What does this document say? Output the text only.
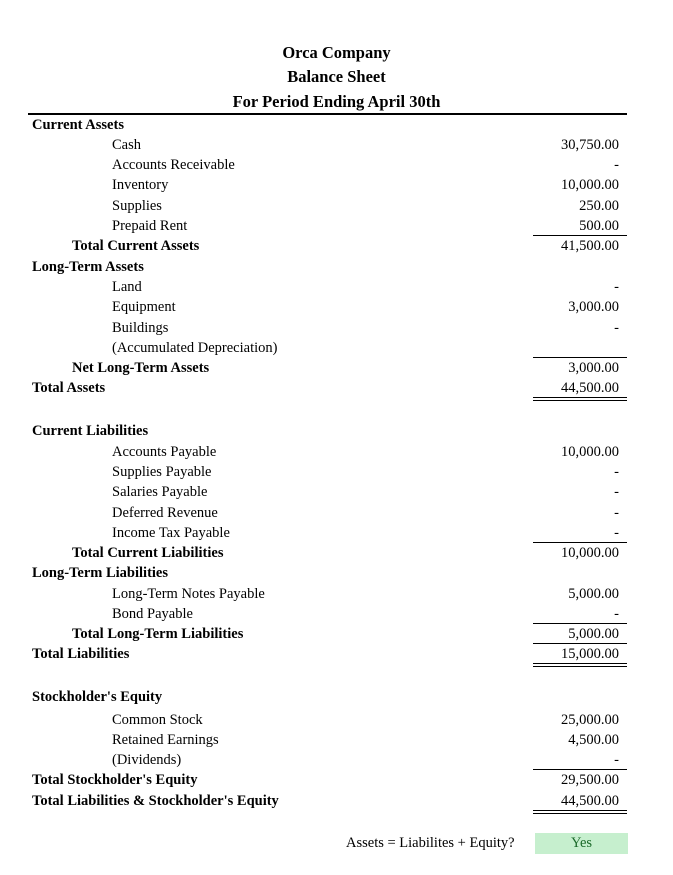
Orca Company
Balance Sheet
For Period Ending April 30th
Current Assets
Cash	30,750.00
Accounts Receivable	-
Inventory	10,000.00
Supplies	250.00
Prepaid Rent	500.00
Total Current Assets	41,500.00
Long-Term Assets
Land	-
Equipment	3,000.00
Buildings	-
(Accumulated Depreciation)
Net Long-Term Assets	3,000.00
Total Assets	44,500.00
Current Liabilities
Accounts Payable	10,000.00
Supplies Payable	-
Salaries Payable	-
Deferred Revenue	-
Income Tax Payable	-
Total Current Liabilities	10,000.00
Long-Term Liabilities
Long-Term Notes Payable	5,000.00
Bond Payable	-
Total Long-Term Liabilities	5,000.00
Total Liabilities	15,000.00
Stockholder's Equity
Common Stock	25,000.00
Retained Earnings	4,500.00
(Dividends)	-
Total Stockholder's Equity	29,500.00
Total Liabilities & Stockholder's Equity	44,500.00
Assets = Liabilites + Equity?	Yes
